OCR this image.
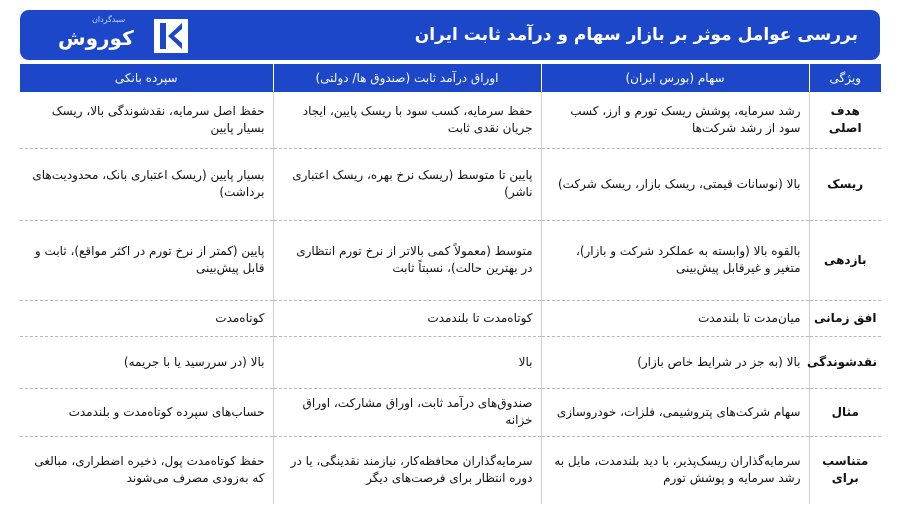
بررسی عوامل موثر بر بازار سهام و درآمد ثابت ایران
سبدگردان
کوروش
ویژگی	سهام (بورس ایران)	اوراق درآمد ثابت (صندوق ها/ دولتی)	سپرده بانکی
هدف اصلی	رشد سرمایه، پوشش ریسک تورم و ارز، کسب سود از رشد شرکت‌ها	حفظ سرمایه، کسب سود با ریسک پایین، ایجاد جریان نقدی ثابت	حفظ اصل سرمایه، نقدشوندگی بالا، ریسک بسیار پایین
ریسک	بالا (نوسانات قیمتی، ریسک بازار، ریسک شرکت)	پایین تا متوسط (ریسک نرخ بهره، ریسک اعتباری ناشر)	بسیار پایین (ریسک اعتباری بانک، محدودیت‌های برداشت)
بازدهی	بالقوه بالا (وابسته به عملکرد شرکت و بازار)، متغیر و غیرقابل پیش‌بینی	متوسط (معمولاً کمی بالاتر از نرخ تورم انتظاری در بهترین حالت)، نسبتاً ثابت	پایین (کمتر از نرخ تورم در اکثر مواقع)، ثابت و قابل پیش‌بینی
افق زمانی	میان‌مدت تا بلندمدت	کوتاه‌مدت تا بلندمدت	کوتاه‌مدت
نقدشوندگی	بالا (به جز در شرایط خاص بازار)	بالا	بالا (در سررسید یا با جریمه)
مثال	سهام شرکت‌های پتروشیمی، فلزات، خودروسازی	صندوق‌های درآمد ثابت، اوراق مشارکت، اوراق خزانه	حساب‌های سپرده کوتاه‌مدت و بلندمدت
متناسب برای	سرمایه‌گذاران ریسک‌پذیر، با دید بلندمدت، مایل به رشد سرمایه و پوشش تورم	سرمایه‌گذاران محافظه‌کار، نیازمند نقدینگی، یا در دوره انتظار برای فرصت‌های دیگر	حفظ کوتاه‌مدت پول، ذخیره اضطراری، مبالغی که به‌زودی مصرف می‌شوند
